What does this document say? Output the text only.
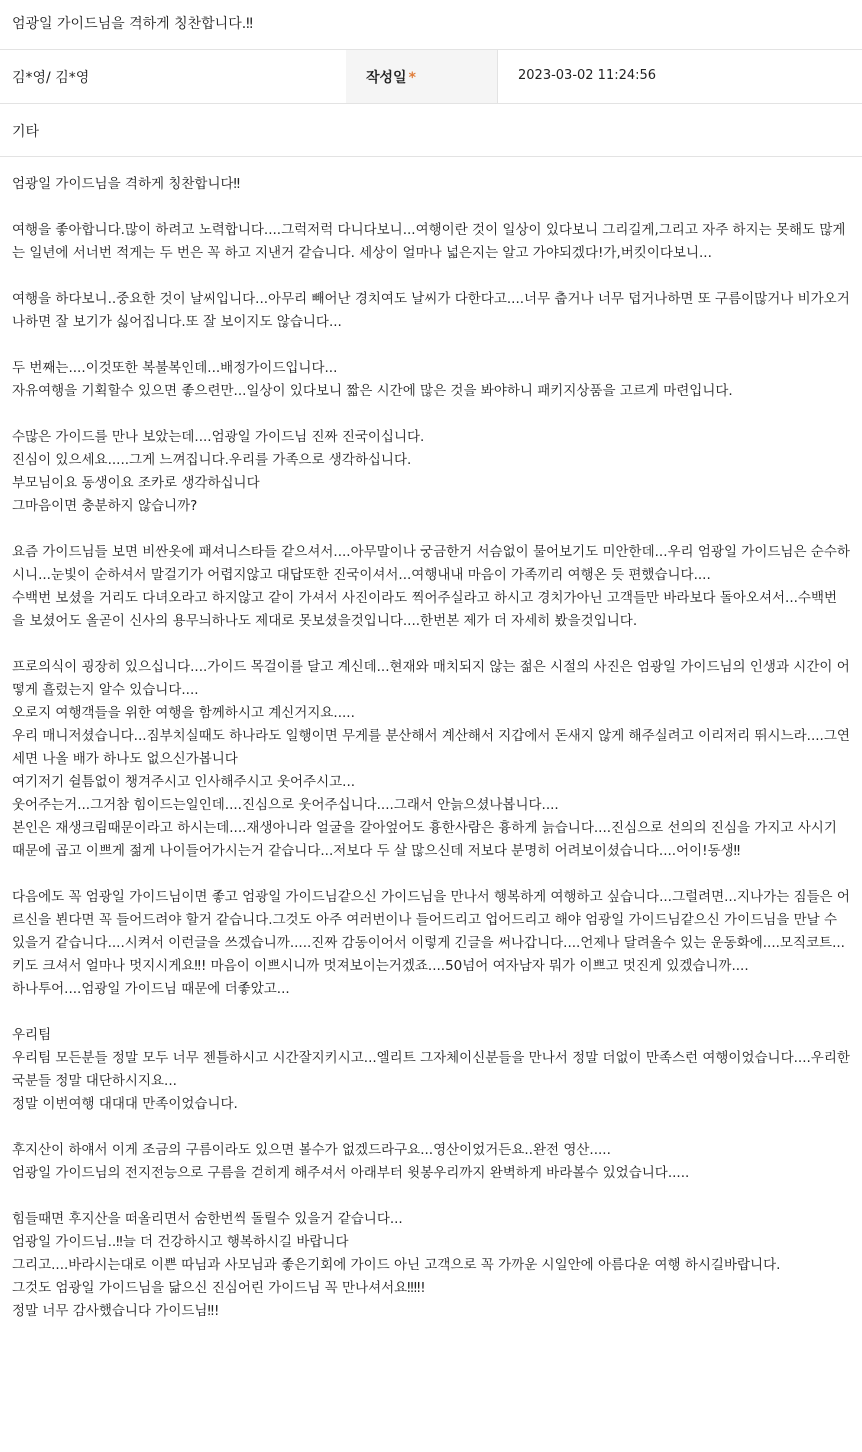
엄광일 가이드님을 격하게 칭찬합니다.‼
김*영/ 김*영	작성일 *	2023-03-02 11:24:56
기타
엄광일 가이드님을 격하게 칭찬합니다‼

여행을 좋아합니다.많이 하려고 노력합니다....그럭저럭 다니다보니...여행이란 것이 일상이 있다보니 그리길게,그리고 자주 하지는 못해도 많게는 일년에 서너번 적게는 두 번은 꼭 하고 지낸거 같습니다. 세상이 얼마나 넓은지는 알고 가야되겠다!가,버킷이다보니...

여행을 하다보니..중요한 것이 날씨입니다...아무리 빼어난 경치여도 날씨가 다한다고....너무 춥거나 너무 덥거나하면 또 구름이많거나 비가오거나하면 잘 보기가 싫어집니다.또 잘 보이지도 않습니다...

두 번째는....이것또한 복불복인데...배정가이드입니다...
자유여행을 기획할수 있으면 좋으련만...일상이 있다보니 짧은 시간에 많은 것을 봐야하니 패키지상품을 고르게 마련입니다.

수많은 가이드를 만나 보았는데....엄광일 가이드님 진짜 진국이십니다.
진심이 있으세요.....그게 느껴집니다.우리를 가족으로 생각하십니다.
부모님이요 동생이요 조카로 생각하십니다
그마음이면 충분하지 않습니까?

요즘 가이드님들 보면 비싼옷에 패셔니스타들 같으셔서....아무말이나 궁금한거 서슴없이 물어보기도 미안한데...우리 엄광일 가이드님은 순수하시니...눈빛이 순하셔서 말걸기가 어렵지않고 대답또한 진국이셔서...여행내내 마음이 가족끼리 여행온 듯 편했습니다....
수백번 보셨을 거리도 다녀오라고 하지않고 같이 가셔서 사진이라도 찍어주실라고 하시고 경치가아닌 고객들만 바라보다 돌아오셔서...수백번을 보셨어도 올곧이 신사의 용무늬하나도 제대로 못보셨을것입니다....한번본 제가 더 자세히 봤을것입니다.

프로의식이 굉장히 있으십니다....가이드 목걸이를 달고 계신데...현재와 매치되지 않는 젊은 시절의 사진은 엄광일 가이드님의 인생과 시간이 어떻게 흘렀는지 알수 있습니다....
오로지 여행객들을 위한 여행을 함께하시고 계신거지요.....
우리 매니저셨습니다...짐부치실때도 하나라도 일행이면 무게를 분산해서 계산해서 지갑에서 돈새지 않게 해주실려고 이리저리 뛰시느라....그연세면 나올 배가 하나도 없으신가봅니다
여기저기 쉴틈없이 챙겨주시고 인사해주시고 웃어주시고...
웃어주는거...그거참 힘이드는일인데....진심으로 웃어주십니다....그래서 안늙으셨나봅니다....
본인은 재생크림때문이라고 하시는데....재생아니라 얼굴을 갈아엎어도 흉한사람은 흉하게 늙습니다....진심으로 선의의 진심을 가지고 사시기 때문에 곱고 이쁘게 젊게 나이들어가시는거 같습니다...저보다 두 살 많으신데 저보다 분명히 어려보이셨습니다....어이!동생‼

다음에도 꼭 엄광일 가이드님이면 좋고 엄광일 가이드님같으신 가이드님을 만나서 행복하게 여행하고 싶습니다...그럴려면...지나가는 짐들은 어르신을 뵌다면 꼭 들어드려야 할거 같습니다.그것도 아주 여러번이나 들어드리고 업어드리고 해야 엄광일 가이드님같으신 가이드님을 만날 수 있을거 같습니다....시켜서 이런글을 쓰겠습니까.....진짜 감동이어서 이렇게 긴글을 써나갑니다....언제나 달려올수 있는 운동화에....모직코트...키도 크셔서 얼마나 멋지시게요‼! 마음이 이쁘시니까 멋져보이는거겠죠....50넘어 여자남자 뭐가 이쁘고 멋진게 있겠습니까....
하나투어....엄광일 가이드님 때문에 더좋았고...

우리팀
우리팀 모든분들 정말 모두 너무 젠틀하시고 시간잘지키시고...엘리트 그자체이신분들을 만나서 정말 더없이 만족스런 여행이었습니다....우리한국분들 정말 대단하시지요...
정말 이번여행 대대대 만족이었습니다.

후지산이 하얘서 이게 조금의 구름이라도 있으면 볼수가 없겠드라구요...영산이었거든요..완전 영산.....
엄광일 가이드님의 전지전능으로 구름을 걷히게 해주셔서 아래부터 윗봉우리까지 완벽하게 바라볼수 있었습니다.....

힘들때면 후지산을 떠올리면서 숨한번씩 돌릴수 있을거 같습니다...
엄광일 가이드님..‼늘 더 건강하시고 행복하시길 바랍니다
그리고....바라시는대로 이쁜 따님과 사모님과 좋은기회에 가이드 아닌 고객으로 꼭 가까운 시일안에 아름다운 여행 하시길바랍니다.
그것도 엄광일 가이드님을 닮으신 진심어린 가이드님 꼭 만나셔서요‼‼!
정말 너무 감사했습니다 가이드님‼!
